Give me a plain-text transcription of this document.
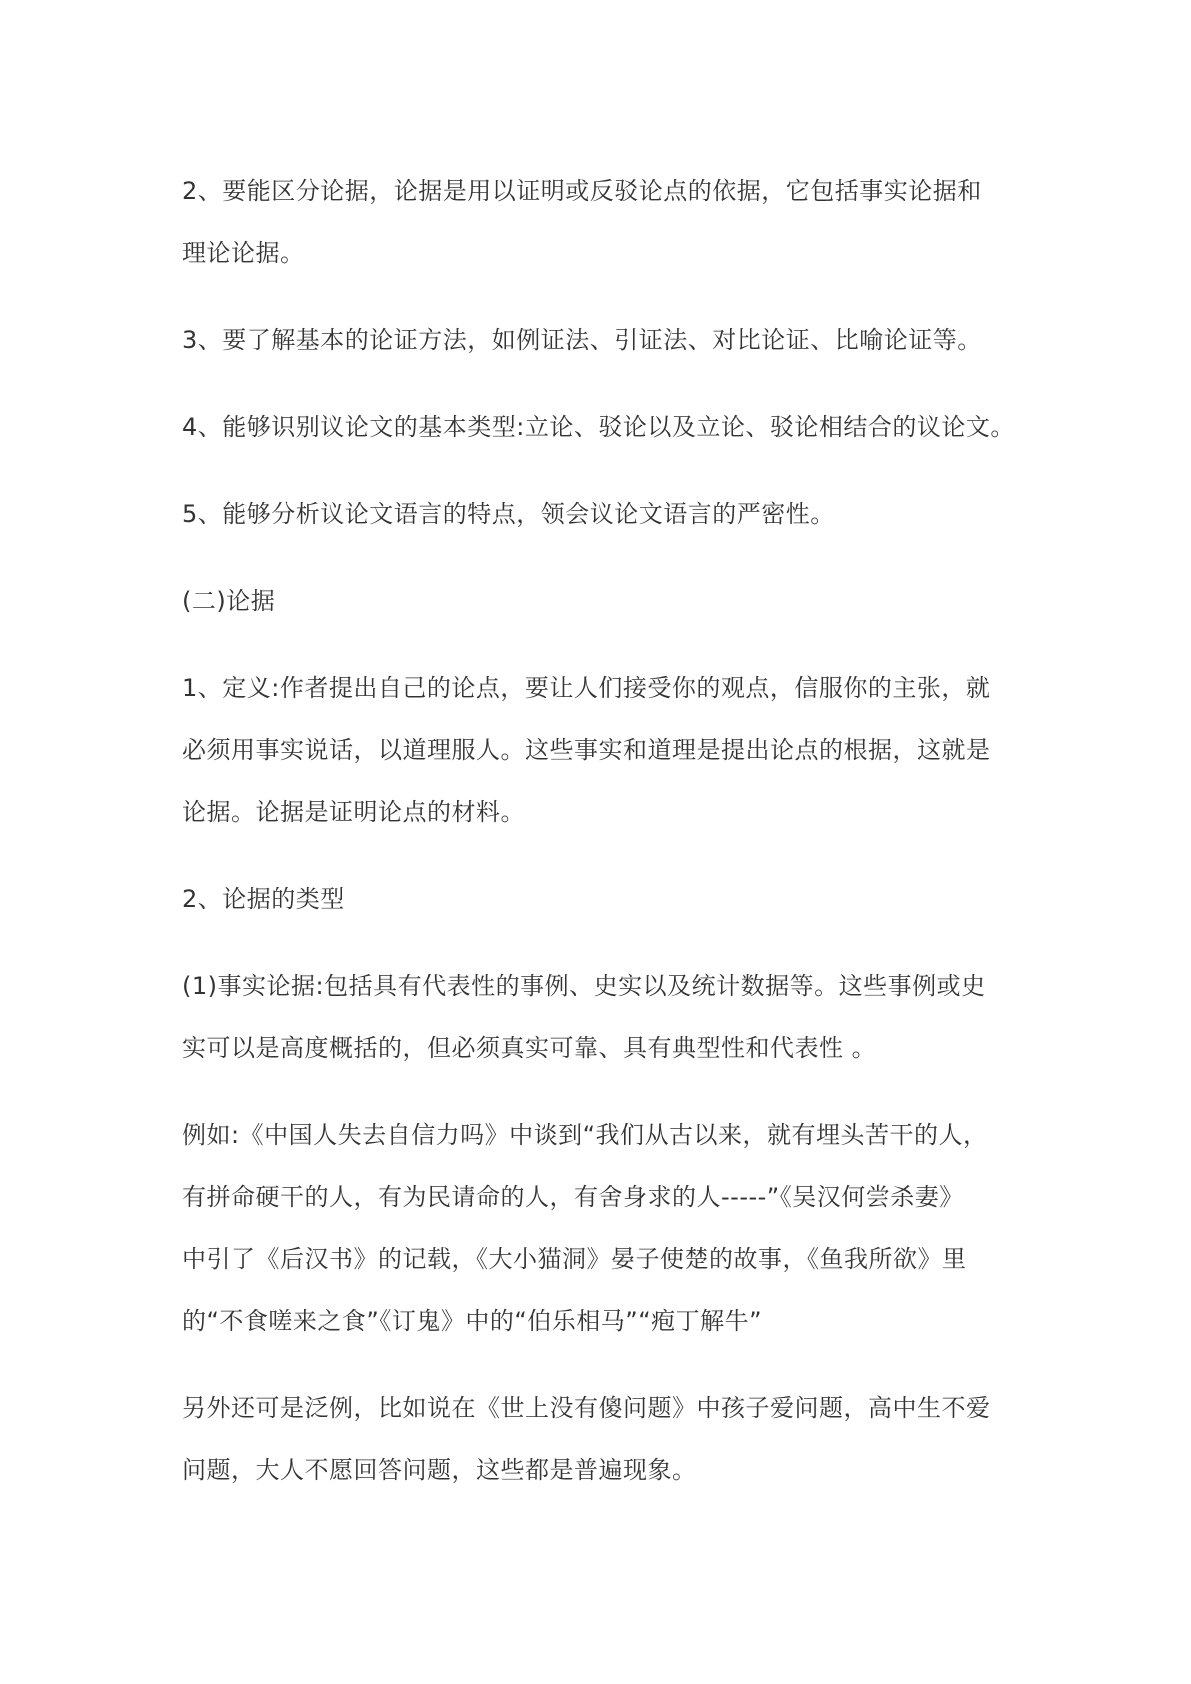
2、要能区分论据，论据是用以证明或反驳论点的依据，它包括事实论据和
理论论据。

3、要了解基本的论证方法，如例证法、引证法、对比论证、比喻论证等。

4、能够识别议论文的基本类型:立论、驳论以及立论、驳论相结合的议论文。

5、能够分析议论文语言的特点，领会议论文语言的严密性。

(二)论据

1、定义:作者提出自己的论点，要让人们接受你的观点，信服你的主张，就
必须用事实说话，以道理服人。这些事实和道理是提出论点的根据，这就是
论据。论据是证明论点的材料。

2、论据的类型

(1)事实论据:包括具有代表性的事例、史实以及统计数据等。这些事例或史
实可以是高度概括的，但必须真实可靠、具有典型性和代表性 。

例如:《中国人失去自信力吗》中谈到“我们从古以来，就有埋头苦干的人，
有拼命硬干的人，有为民请命的人，有舍身求的人-----”《吴汉何尝杀妻》
中引了《后汉书》的记载，《大小猫洞》晏子使楚的故事，《鱼我所欲》里
的“不食嗟来之食”《订鬼》中的“伯乐相马”“疱丁解牛”

另外还可是泛例，比如说在《世上没有傻问题》中孩子爱问题，高中生不爱
问题，大人不愿回答问题，这些都是普遍现象。
